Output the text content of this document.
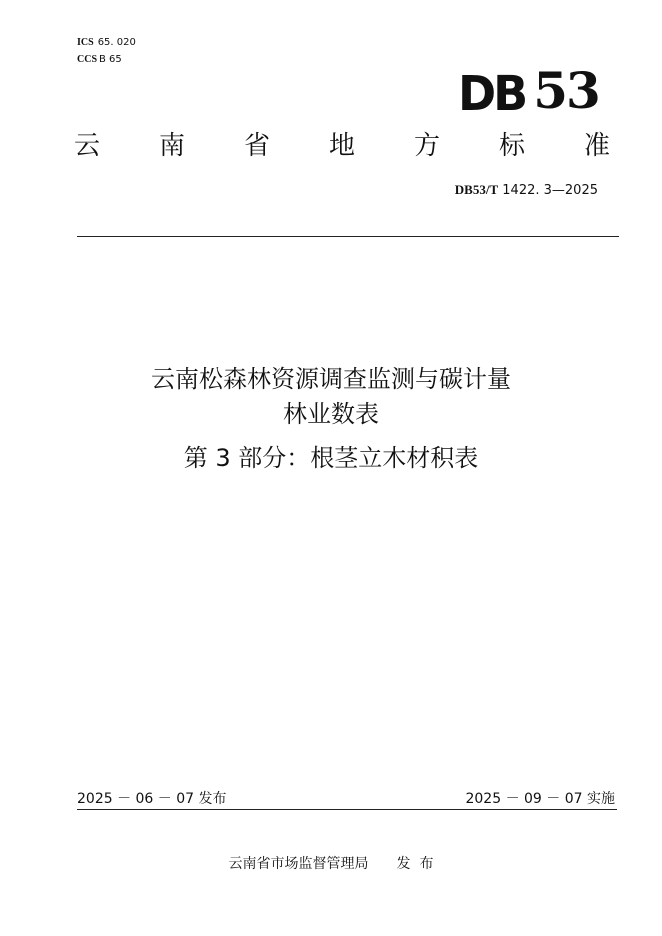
ICS 65. 020
CCS B 65
DB 53
云 南 省 地 方 标 准
DB53/T 1422. 3—2025
云南松森林资源调查监测与碳计量
林业数表
第 3 部分：根茎立木材积表
2025 － 06 － 07 发布	2025 － 09 － 07 实施
云南省市场监督管理局　　发  布
